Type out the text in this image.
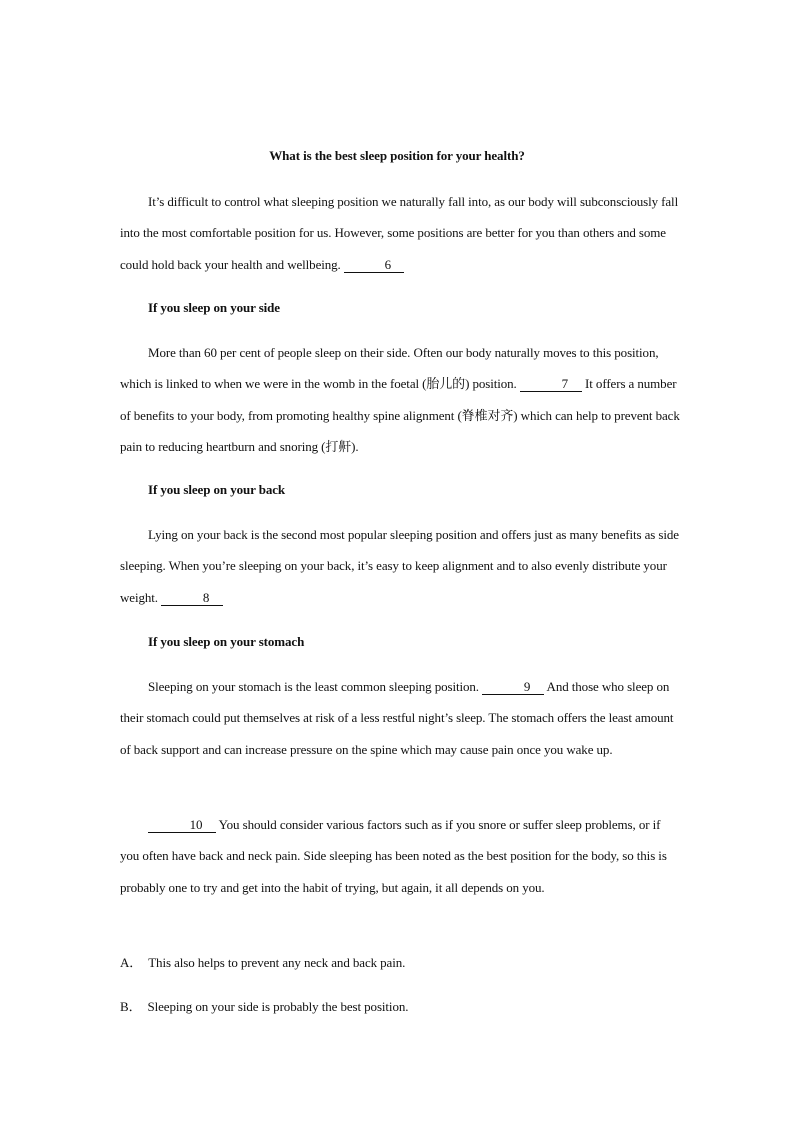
What is the best sleep position for your health?
It’s difficult to control what sleeping position we naturally fall into, as our body will subconsciously fall into the most comfortable position for us. However, some positions are better for you than others and some could hold back your health and wellbeing.	6
If you sleep on your side
More than 60 per cent of people sleep on their side. Often our body naturally moves to this position, which is linked to when we were in the womb in the foetal (胎儿的) position.	7 It offers a number of benefits to your body, from promoting healthy spine alignment (脊椎对齐) which can help to prevent back pain to reducing heartburn and snoring (打鼾).
If you sleep on your back
Lying on your back is the second most popular sleeping position and offers just as many benefits as side sleeping. When you’re sleeping on your back, it’s easy to keep alignment and to also evenly distribute your weight.	8
If you sleep on your stomach
Sleeping on your stomach is the least common sleeping position.	9 And those who sleep on their stomach could put themselves at risk of a less restful night’s sleep. The stomach offers the least amount of back support and can increase pressure on the spine which may cause pain once you wake up.
10 You should consider various factors such as if you snore or suffer sleep problems, or if you often have back and neck pain. Side sleeping has been noted as the best position for the body, so this is probably one to try and get into the habit of trying, but again, it all depends on you.
A． This also helps to prevent any neck and back pain.
B． Sleeping on your side is probably the best position.
